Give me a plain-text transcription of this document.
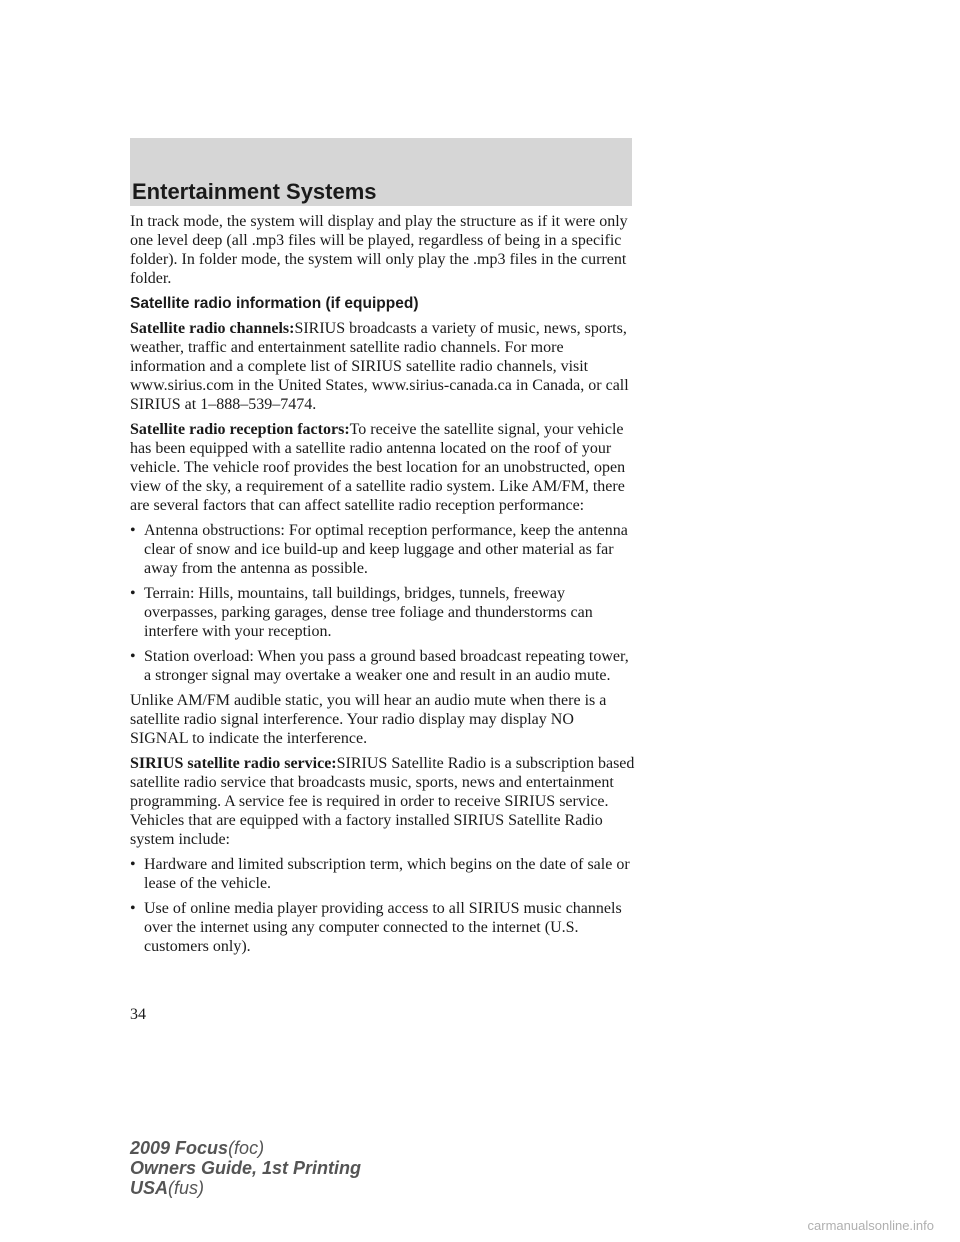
Entertainment Systems

In track mode, the system will display and play the structure as if it were only one level deep (all .mp3 files will be played, regardless of being in a specific folder). In folder mode, the system will only play the .mp3 files in the current folder.

Satellite radio information (if equipped)

Satellite radio channels:SIRIUS broadcasts a variety of music, news, sports, weather, traffic and entertainment satellite radio channels. For more information and a complete list of SIRIUS satellite radio channels, visit www.sirius.com in the United States, www.sirius-canada.ca in Canada, or call SIRIUS at 1–888–539–7474.

Satellite radio reception factors:To receive the satellite signal, your vehicle has been equipped with a satellite radio antenna located on the roof of your vehicle. The vehicle roof provides the best location for an unobstructed, open view of the sky, a requirement of a satellite radio system. Like AM/FM, there are several factors that can affect satellite radio reception performance:

• Antenna obstructions: For optimal reception performance, keep the antenna clear of snow and ice build-up and keep luggage and other material as far away from the antenna as possible.
• Terrain: Hills, mountains, tall buildings, bridges, tunnels, freeway overpasses, parking garages, dense tree foliage and thunderstorms can interfere with your reception.
• Station overload: When you pass a ground based broadcast repeating tower, a stronger signal may overtake a weaker one and result in an audio mute.

Unlike AM/FM audible static, you will hear an audio mute when there is a satellite radio signal interference. Your radio display may display NO SIGNAL to indicate the interference.

SIRIUS satellite radio service:SIRIUS Satellite Radio is a subscription based satellite radio service that broadcasts music, sports, news and entertainment programming. A service fee is required in order to receive SIRIUS service. Vehicles that are equipped with a factory installed SIRIUS Satellite Radio system include:

• Hardware and limited subscription term, which begins on the date of sale or lease of the vehicle.
• Use of online media player providing access to all SIRIUS music channels over the internet using any computer connected to the internet (U.S. customers only).
34
2009 Focus(foc)
Owners Guide, 1st Printing
USA(fus)
carmanualsonline.info
